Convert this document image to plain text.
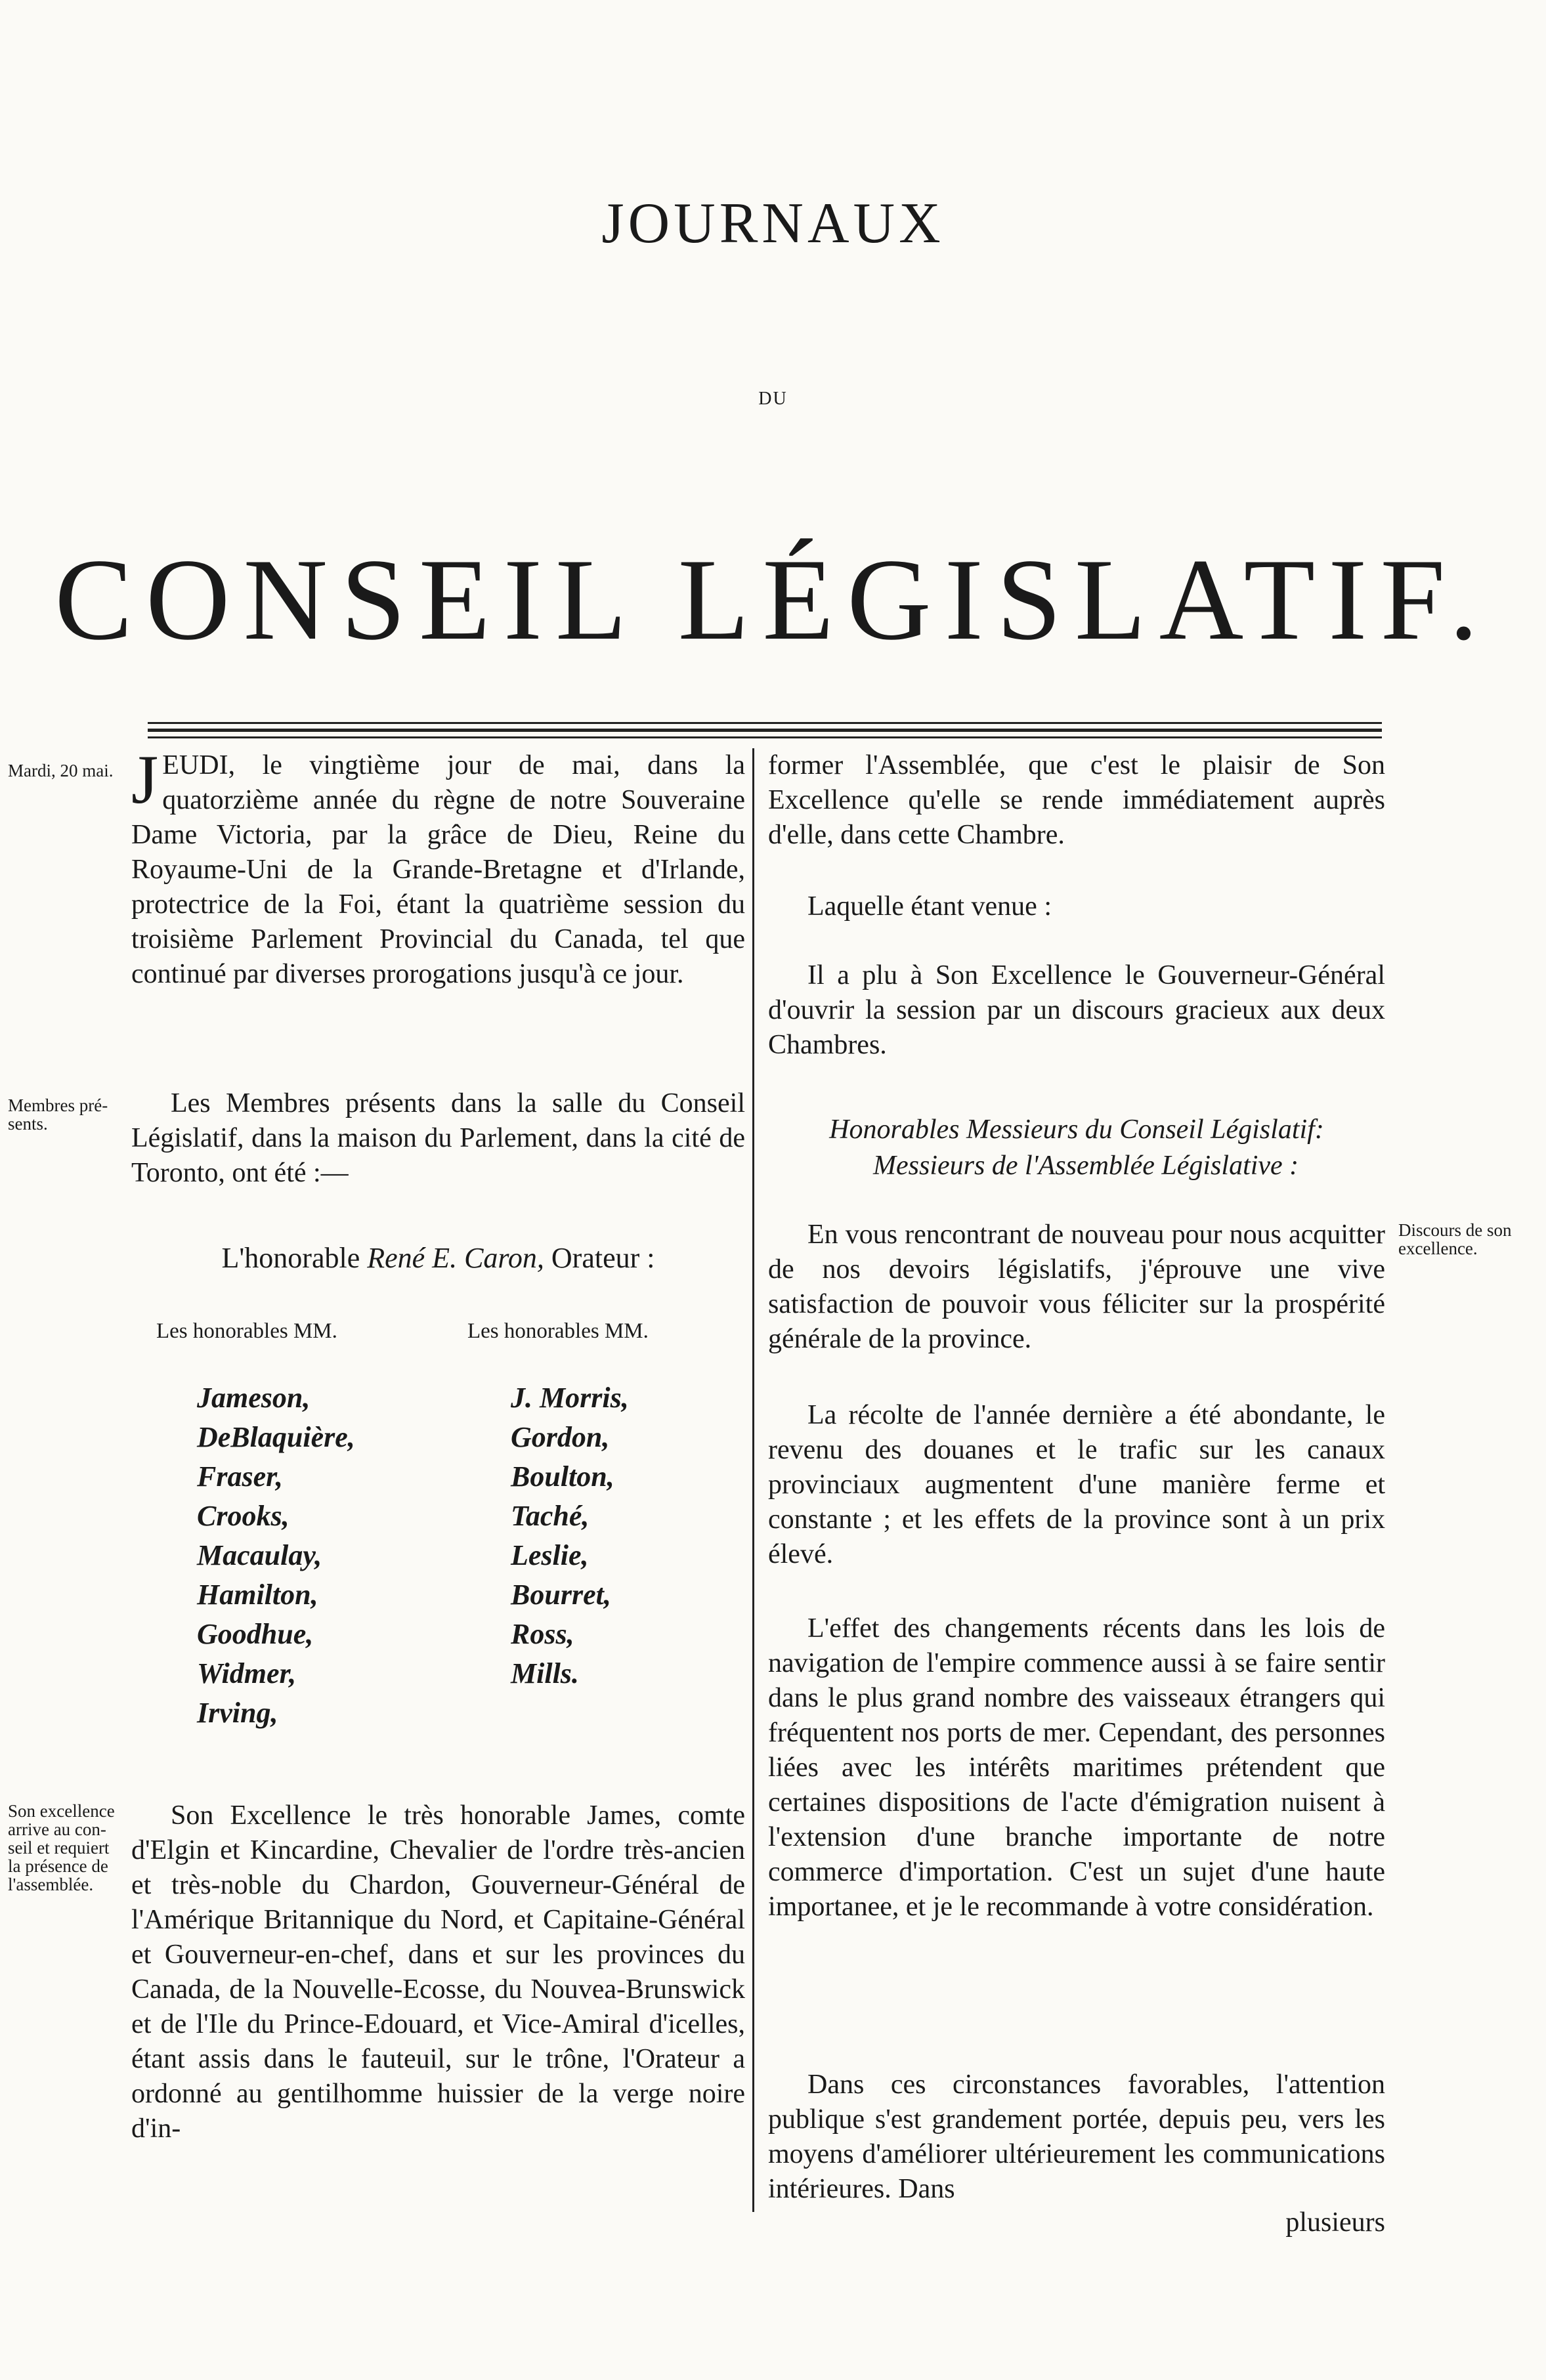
JOURNAUX
DU
CONSEIL LÉGISLATIF.
Mardi, 20 mai.
Membres pré-sents.
Son excellence arrive au con-seil et requiert la présence de l'assemblée.
Discours de son excellence.

JEUDI, le vingtième jour de mai, dans la quatorzième année du règne de notre Souveraine Dame Victoria, par la grâce de Dieu, Reine du Royaume-Uni de la Grande-Bretagne et d'Irlande, protectrice de la Foi, étant la quatrième session du troisième Parlement Provincial du Canada, tel que continué par diverses prorogations jusqu'à ce jour.

Les Membres présents dans la salle du Conseil Législatif, dans la maison du Parlement, dans la cité de Toronto, ont été :—
L'honorable René E. Caron, Orateur :
Les honorables MM.	Les honorables MM.
Jameson,
DeBlaquière,
Fraser,
Crooks,
Macaulay,
Hamilton,
Goodhue,
Widmer,
Irving,
J. Morris,
Gordon,
Boulton,
Taché,
Leslie,
Bourret,
Ross,
Mills.
Son Excellence le très honorable James, comte d'Elgin et Kincardine, Chevalier de l'ordre très-ancien et très-noble du Chardon, Gouverneur-Général de l'Amérique Britannique du Nord, et Capitaine-Général et Gouverneur-en-chef, dans et sur les provinces du Canada, de la Nouvelle-Ecosse, du Nouvea-Brunswick et de l'Ile du Prince-Edouard, et Vice-Amiral d'icelles, étant assis dans le fauteuil, sur le trône, l'Orateur a ordonné au gentilhomme huissier de la verge noire d'in-
former l'Assemblée, que c'est le plaisir de Son Excellence qu'elle se rende immédiatement auprès d'elle, dans cette Chambre.
Laquelle étant venue :
Il a plu à Son Excellence le Gouverneur-Général d'ouvrir la session par un discours gracieux aux deux Chambres.
Honorables Messieurs du Conseil Législatif:
Messieurs de l'Assemblée Législative :
En vous rencontrant de nouveau pour nous acquitter de nos devoirs législatifs, j'éprouve une vive satisfaction de pouvoir vous féliciter sur la prospérité générale de la province.
La récolte de l'année dernière a été abondante, le revenu des douanes et le trafic sur les canaux provinciaux augmentent d'une manière ferme et constante ; et les effets de la province sont à un prix élevé.
L'effet des changements récents dans les lois de navigation de l'empire commence aussi à se faire sentir dans le plus grand nombre des vaisseaux étrangers qui fréquentent nos ports de mer. Cependant, des personnes liées avec les intérêts maritimes prétendent que certaines dispositions de l'acte d'émigration nuisent à l'extension d'une branche importante de notre commerce d'importation. C'est un sujet d'une haute importanee, et je le recommande à votre considération.
Dans ces circonstances favorables, l'attention publique s'est grandement portée, depuis peu, vers les moyens d'améliorer ultérieurement les communications intérieures. Dans
plusieurs
